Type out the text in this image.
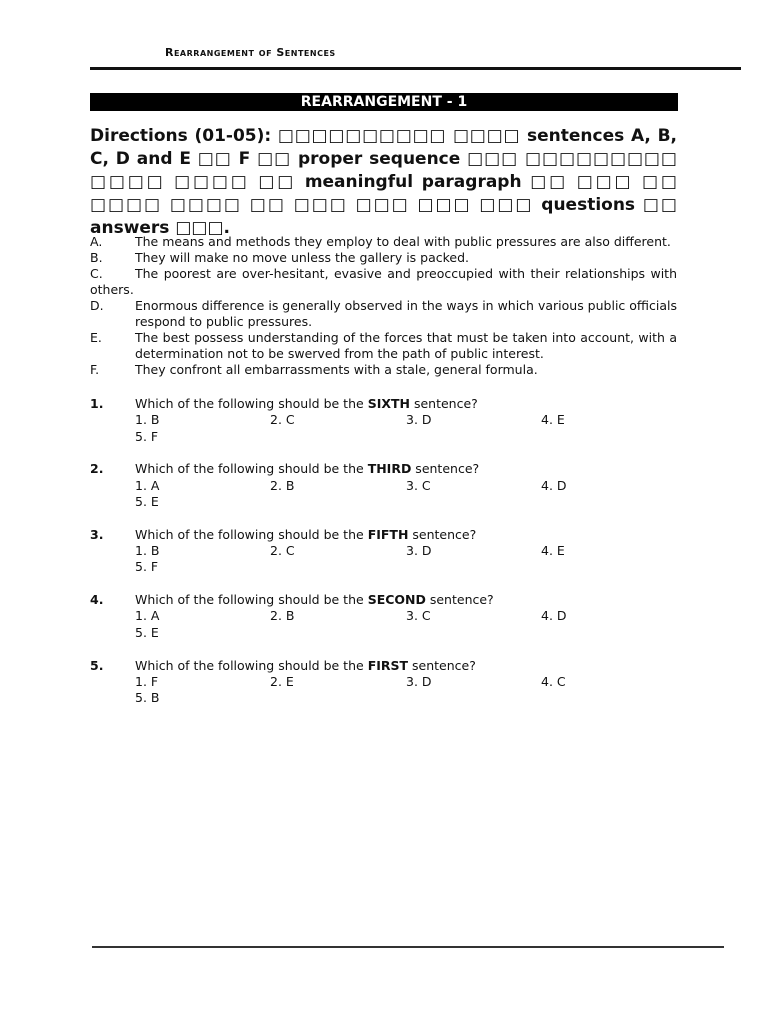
Rearrangement of Sentences
REARRANGEMENT - 1
Directions (01-05): □□□□□□□□□□ □□□□ sentences A, B, C, D and E □□ F □□ proper sequence □□□ □□□□□□□□□ □□□□ □□□□ □□ meaningful paragraph □□ □□□ □□ □□□□ □□□□ □□ □□□ □□□ □□□ □□□ questions □□ answers □□□.
A.	The means and methods they employ to deal with public pressures are also different.
B.	They will make no move unless the gallery is packed.
C.	The poorest are over-hesitant, evasive and preoccupied with their relationships with others.
D.	Enormous difference is generally observed in the ways in which various public officials respond to public pressures.
E.	The best possess understanding of the forces that must be taken into account, with a determination not to be swerved from the path of public interest.
F.	They confront all embarrassments with a stale, general formula.
1.	Which of the following should be the SIXTH sentence?
1. B	2. C	3. D	4. E
5. F
2.	Which of the following should be the THIRD sentence?
1. A	2. B	3. C	4. D
5. E
3.	Which of the following should be the FIFTH sentence?
1. B	2. C	3. D	4. E
5. F
4.	Which of the following should be the SECOND sentence?
1. A	2. B	3. C	4. D
5. E
5.	Which of the following should be the FIRST sentence?
1. F	2. E	3. D	4. C
5. B
